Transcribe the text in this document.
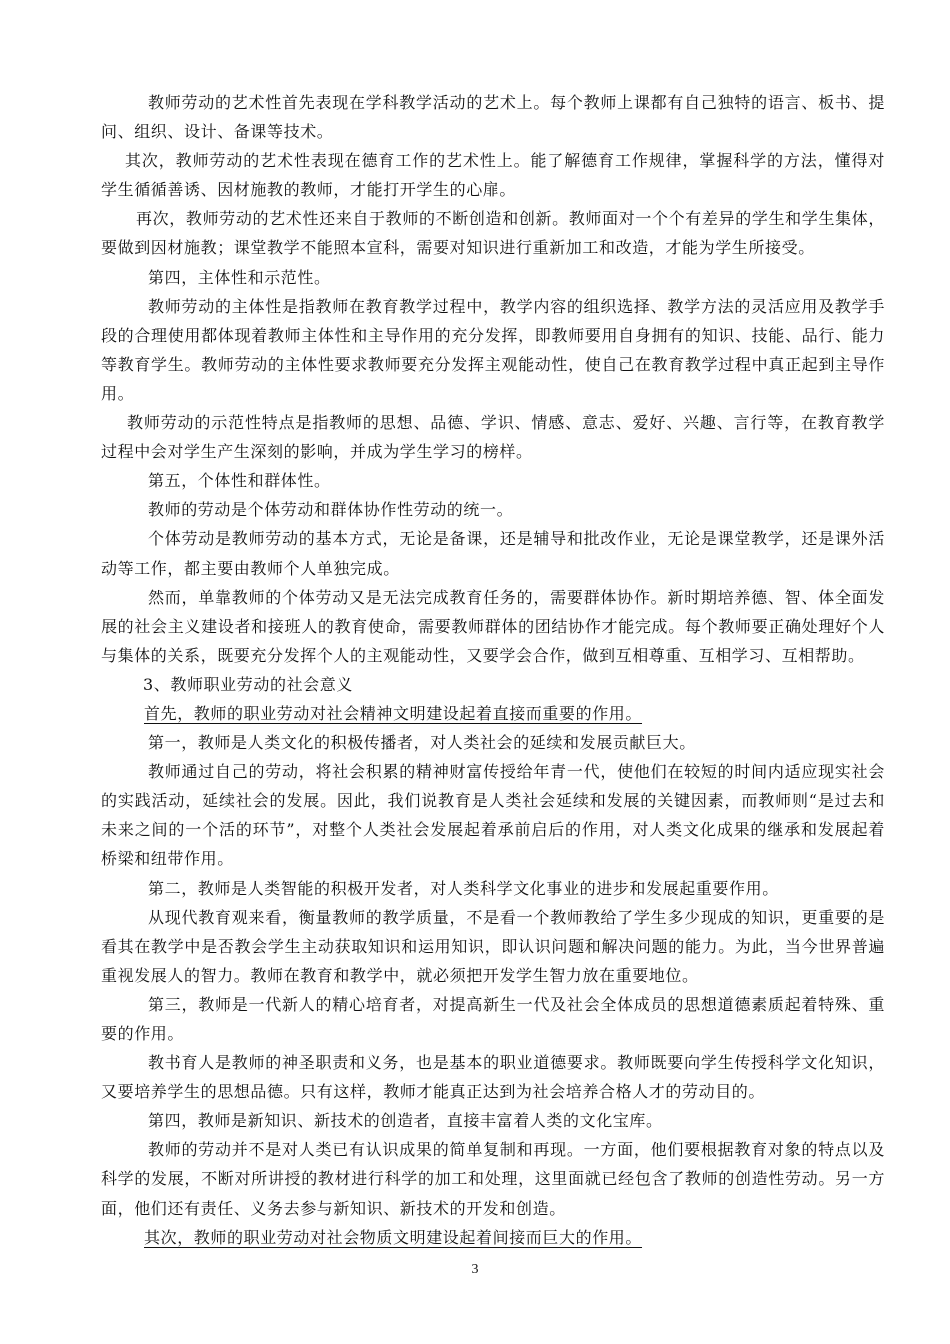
教师劳动的艺术性首先表现在学科教学活动的艺术上。每个教师上课都有自己独特的语言、板书、提问、组织、设计、备课等技术。

其次，教师劳动的艺术性表现在德育工作的艺术性上。能了解德育工作规律，掌握科学的方法，懂得对学生循循善诱、因材施教的教师，才能打开学生的心扉。

再次，教师劳动的艺术性还来自于教师的不断创造和创新。教师面对一个个有差异的学生和学生集体，要做到因材施教；课堂教学不能照本宣科，需要对知识进行重新加工和改造，才能为学生所接受。

第四，主体性和示范性。

教师劳动的主体性是指教师在教育教学过程中，教学内容的组织选择、教学方法的灵活应用及教学手段的合理使用都体现着教师主体性和主导作用的充分发挥，即教师要用自身拥有的知识、技能、品行、能力等教育学生。教师劳动的主体性要求教师要充分发挥主观能动性，使自己在教育教学过程中真正起到主导作用。

教师劳动的示范性特点是指教师的思想、品德、学识、情感、意志、爱好、兴趣、言行等，在教育教学过程中会对学生产生深刻的影响，并成为学生学习的榜样。

第五，个体性和群体性。

教师的劳动是个体劳动和群体协作性劳动的统一。

个体劳动是教师劳动的基本方式，无论是备课，还是辅导和批改作业，无论是课堂教学，还是课外活动等工作，都主要由教师个人单独完成。

然而，单靠教师的个体劳动又是无法完成教育任务的，需要群体协作。新时期培养德、智、体全面发展的社会主义建设者和接班人的教育使命，需要教师群体的团结协作才能完成。每个教师要正确处理好个人与集体的关系，既要充分发挥个人的主观能动性，又要学会合作，做到互相尊重、互相学习、互相帮助。

3、教师职业劳动的社会意义

首先，教师的职业劳动对社会精神文明建设起着直接而重要的作用。

第一，教师是人类文化的积极传播者，对人类社会的延续和发展贡献巨大。

教师通过自己的劳动，将社会积累的精神财富传授给年青一代，使他们在较短的时间内适应现实社会的实践活动，延续社会的发展。因此，我们说教育是人类社会延续和发展的关键因素，而教师则“是过去和未来之间的一个活的环节”，对整个人类社会发展起着承前启后的作用，对人类文化成果的继承和发展起着桥梁和纽带作用。

第二，教师是人类智能的积极开发者，对人类科学文化事业的进步和发展起重要作用。

从现代教育观来看，衡量教师的教学质量，不是看一个教师教给了学生多少现成的知识，更重要的是看其在教学中是否教会学生主动获取知识和运用知识，即认识问题和解决问题的能力。为此，当今世界普遍重视发展人的智力。教师在教育和教学中，就必须把开发学生智力放在重要地位。

第三，教师是一代新人的精心培育者，对提高新生一代及社会全体成员的思想道德素质起着特殊、重要的作用。

教书育人是教师的神圣职责和义务，也是基本的职业道德要求。教师既要向学生传授科学文化知识，又要培养学生的思想品德。只有这样，教师才能真正达到为社会培养合格人才的劳动目的。

第四，教师是新知识、新技术的创造者，直接丰富着人类的文化宝库。

教师的劳动并不是对人类已有认识成果的简单复制和再现。一方面，他们要根据教育对象的特点以及科学的发展，不断对所讲授的教材进行科学的加工和处理，这里面就已经包含了教师的创造性劳动。另一方面，他们还有责任、义务去参与新知识、新技术的开发和创造。

其次，教师的职业劳动对社会物质文明建设起着间接而巨大的作用。

3
